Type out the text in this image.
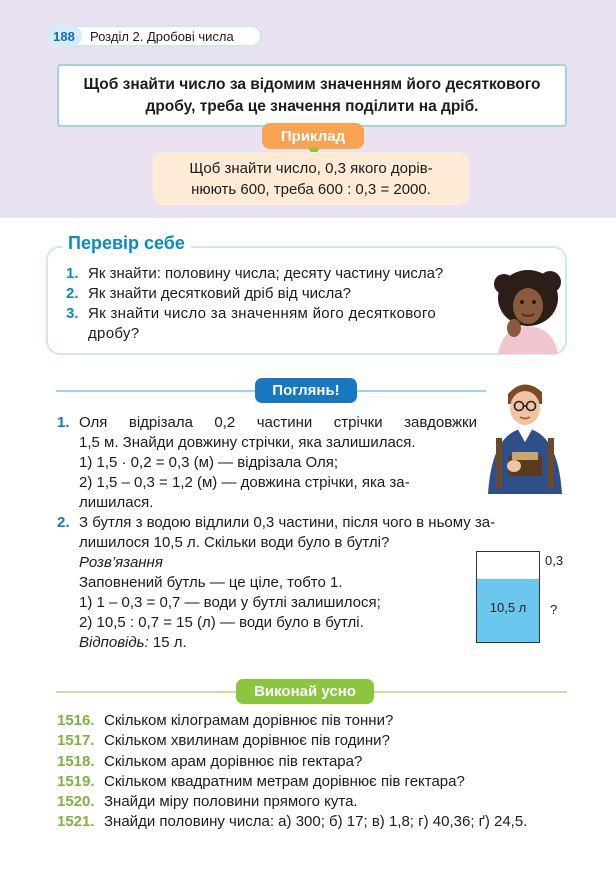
188	Розділ 2. Дробові числа
Щоб знайти число за відомим значенням його десяткового дробу, треба це значення поділити на дріб.
Приклад
Щоб знайти число, 0,3 якого дорів-
нюють 600, треба 600 : 0,3 = 2000.
Перевір себе
1. Як знайти: половину числа; десяту частину числа?
2. Як знайти десятковий дріб від числа?
3. Як знайти число за значенням його десяткового
дробу?
Поглянь!
1. Оля відрізала 0,2 частини стрічки завдовжки
1,5 м. Знайди довжину стрічки, яка залишилася.
1) 1,5 · 0,2 = 0,3 (м) — відрізала Оля;
2) 1,5 – 0,3 = 1,2 (м) — довжина стрічки, яка за-
лишилася.
2. З бутля з водою відлили 0,3 частини, після чого в ньому за-
лишилося 10,5 л. Скільки води було в бутлі?
Розв’язання
Заповнений бутль — це ціле, тобто 1.
1) 1 – 0,3 = 0,7 — води у бутлі залишилося;
2) 10,5 : 0,7 = 15 (л) — води було в бутлі.
Відповідь: 15 л.
10,5 л
0,3
?
Виконай усно
1516. Скільком кілограмам дорівнює пів тонни?
1517. Скільком хвилинам дорівнює пів години?
1518. Скільком арам дорівнює пів гектара?
1519. Скільком квадратним метрам дорівнює пів гектара?
1520. Знайди міру половини прямого кута.
1521. Знайди половину числа: а) 300; б) 17; в) 1,8; г) 40,36; ґ) 24,5.
